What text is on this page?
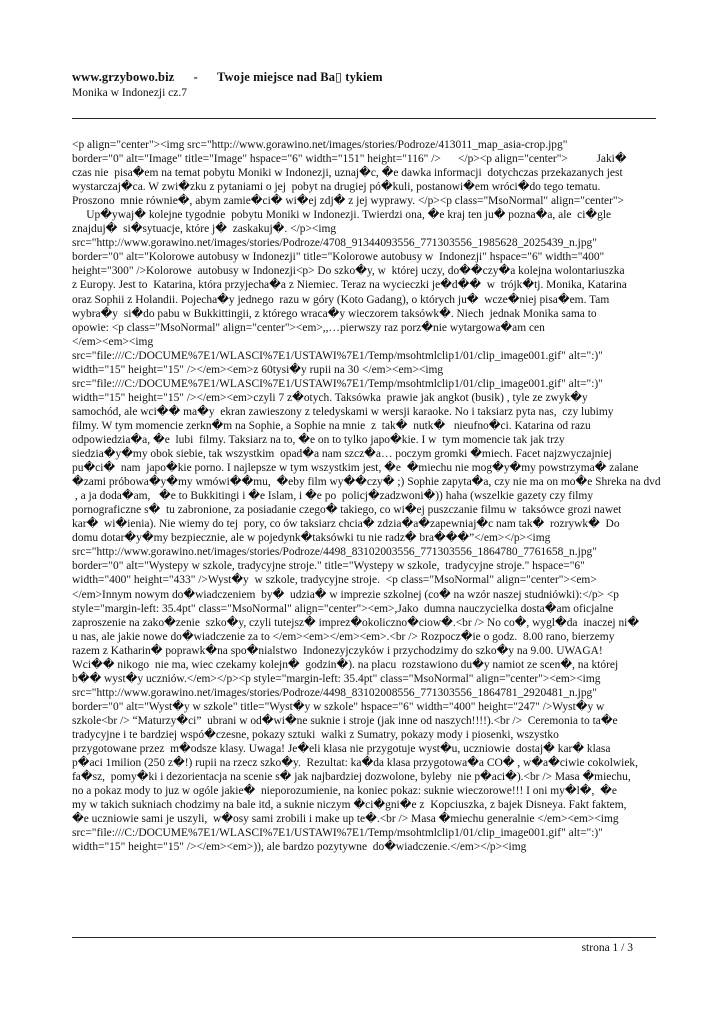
www.grzybowo.biz      -      Twoje miejsce nad Ba▯ tykiem
Monika w Indonezji cz.7
<p align="center"><img src="http://www.gorawino.net/images/stories/Podroze/413011_map_asia-crop.jpg"
border="0" alt="Image" title="Image" hspace="6" width="151" height="116" />      </p><p align="center">          Jaki�
czas nie  pisa�em na temat pobytu Moniki w Indonezji, uznaj�c, �e dawka informacji  dotychczas przekazanych jest
wystarczaj�ca. W zwi�zku z pytaniami o jej  pobyt na drugiej pó�kuli, postanowi�em wróci�do tego tematu.
Proszono  mnie równie�, abym zamie�ci� wi�ej zdj� z jej wyprawy. </p><p class="MsoNormal" align="center">
Up�ywaj� kolejne tygodnie  pobytu Moniki w Indonezji. Twierdzi ona, �e kraj ten ju� pozna�a, ale  ci�gle
znajduj�  si�sytuacje, które j�  zaskakuj�. </p><img
src="http://www.gorawino.net/images/stories/Podroze/4708_91344093556_771303556_1985628_2025439_n.jpg"
border="0" alt="Kolorowe autobusy w Indonezji" title="Kolorowe autobusy w  Indonezji" hspace="6" width="400"
height="300" />Kolorowe  autobusy w Indonezji<p> Do szko�y, w  której uczy, do��czy�a kolejna wolontariuszka
z Europy. Jest to  Katarina, która przyjecha�a z Niemiec. Teraz na wycieczki je�d��  w  trójk�tj. Monika, Katarina
oraz Sophii z Holandii. Pojecha�y jednego  razu w góry (Koto Gadang), o których ju�  wcze�niej pisa�em. Tam
wybra�y  si�do pabu w Bukkittingii, z którego wraca�y wieczorem taksówk�. Niech  jednak Monika sama to
opowie: <p class="MsoNormal" align="center"><em>,,…pierwszy raz porz�nie wytargowa�am cen
</em><em><img
src="file:///C:/DOCUME%7E1/WLASCI%7E1/USTAWI%7E1/Temp/msohtmlclip1/01/clip_image001.gif" alt=":)"
width="15" height="15" /></em><em>z 60tysi�y rupii na 30 </em><em><img
src="file:///C:/DOCUME%7E1/WLASCI%7E1/USTAWI%7E1/Temp/msohtmlclip1/01/clip_image001.gif" alt=":)"
width="15" height="15" /></em><em>czyli 7 z�otych. Taksówka  prawie jak angkot (busik) , tyle ze zwyk�y
samochód, ale wci�� ma�y  ekran zawieszony z teledyskami w wersji karaoke. No i taksiarz pyta nas,  czy lubimy
filmy. W tym momencie zerkn�m na Sophie, a Sophie na mnie  z  tak�  nutk�   nieufno�ci. Katarina od razu
odpowiedzia�a, �e  lubi  filmy. Taksiarz na to, �e on to tylko japo�kie. I w  tym momencie tak jak trzy
siedzia�y�my obok siebie, tak wszystkim  opad�a nam szcz�a… poczym gromki �miech. Facet najzwyczajniej
pu�ci�  nam  japo�kie porno. I najlepsze w tym wszystkim jest, �e  �miechu nie mog�y�my powstrzyma� zalane
�zami próbowa�y�my wmówi��mu,  �eby film wy��czy� ;) Sophie zapyta�a, czy nie ma on mo�e Shreka na dvd
, a ja doda�am,   �e to Bukkitingi i �e Islam, i �e po  policj�zadzwoni�)) haha (wszelkie gazety czy filmy
pornograficzne s�  tu zabronione, za posiadanie czego� takiego, co wi�ej puszczanie filmu w  taksówce grozi nawet
kar�  wi�ienia). Nie wiemy do tej  pory, co ów taksiarz chcia� zdzia�a�zapewniaj�c nam tak�  rozrywk�  Do
domu dotar�y�my bezpiecznie, ale w pojedynk�taksówki tu nie radz� bra���”</em></p><img
src="http://www.gorawino.net/images/stories/Podroze/4498_83102003556_771303556_1864780_7761658_n.jpg"
border="0" alt="Wystepy w szkole, tradycyjne stroje." title="Wystepy w szkole,  tradycyjne stroje." hspace="6"
width="400" height="433" />Wyst�y  w szkole, tradycyjne stroje.  <p class="MsoNormal" align="center"><em>
</em>Innym nowym do�wiadczeniem  by�  udzia� w imprezie szkolnej (co� na wzór naszej studniówki):</p> <p
style="margin-left: 35.4pt" class="MsoNormal" align="center"><em>,Jako  dumna nauczycielka dosta�am oficjalne
zaproszenie na zako�zenie  szko�y, czyli tutejsz� imprez�okoliczno�ciow�.<br /> No co�, wygl�da  inaczej ni�
u nas, ale jakie nowe do�wiadczenie za to </em><em></em><em>.<br /> Rozpocz�ie o godz.  8.00 rano, bierzemy
razem z Katharin� poprawk�na spo�nialstwo  Indonezyjczyków i przychodzimy do szko�y na 9.00. UWAGA!
Wci�� nikogo  nie ma, wiec czekamy kolejn�  godzin�). na placu  rozstawiono du�y namiot ze scen�, na której
b�� wyst�y uczniów.</em></p><p style="margin-left: 35.4pt" class="MsoNormal" align="center"><em><img
src="http://www.gorawino.net/images/stories/Podroze/4498_83102008556_771303556_1864781_2920481_n.jpg"
border="0" alt="Wyst�y w szkole" title="Wyst�y w szkole" hspace="6" width="400" height="247" />Wyst�y w
szkole<br /> “Maturzy�ci”  ubrani w od�wi�ne suknie i stroje (jak inne od naszych!!!!).<br />  Ceremonia to ta�e
tradycyjne i te bardziej wspó�czesne, pokazy sztuki  walki z Sumatry, pokazy mody i piosenki, wszystko
przygotowane przez  m�odsze klasy. Uwaga! Je�eli klasa nie przygotuje wyst�u, uczniowie  dostaj� kar� klasa
p�aci 1milion (250 z�!) rupii na rzecz szko�y.  Rezultat: ka�da klasa przygotowa�a CO� , w�a�ciwie cokolwiek,
fa�sz,  pomy�ki i dezorientacja na scenie s� jak najbardziej dozwolone, byleby  nie p�aci�).<br /> Masa �miechu,
no a pokaz mody to juz w ogóle jakie�  nieporozumienie, na koniec pokaz: suknie wieczorowe!!! I oni my�l�,  �e
my w takich sukniach chodzimy na bale itd, a suknie niczym �ci�gni�e z  Kopciuszka, z bajek Disneya. Fakt faktem,
�e uczniowie sami je uszyli,  w�osy sami zrobili i make up te�.<br /> Masa �miechu generalnie </em><em><img
src="file:///C:/DOCUME%7E1/WLASCI%7E1/USTAWI%7E1/Temp/msohtmlclip1/01/clip_image001.gif" alt=":)"
width="15" height="15" /></em><em>)), ale bardzo pozytywne  do�wiadczenie.</em></p><img
strona 1 / 3
